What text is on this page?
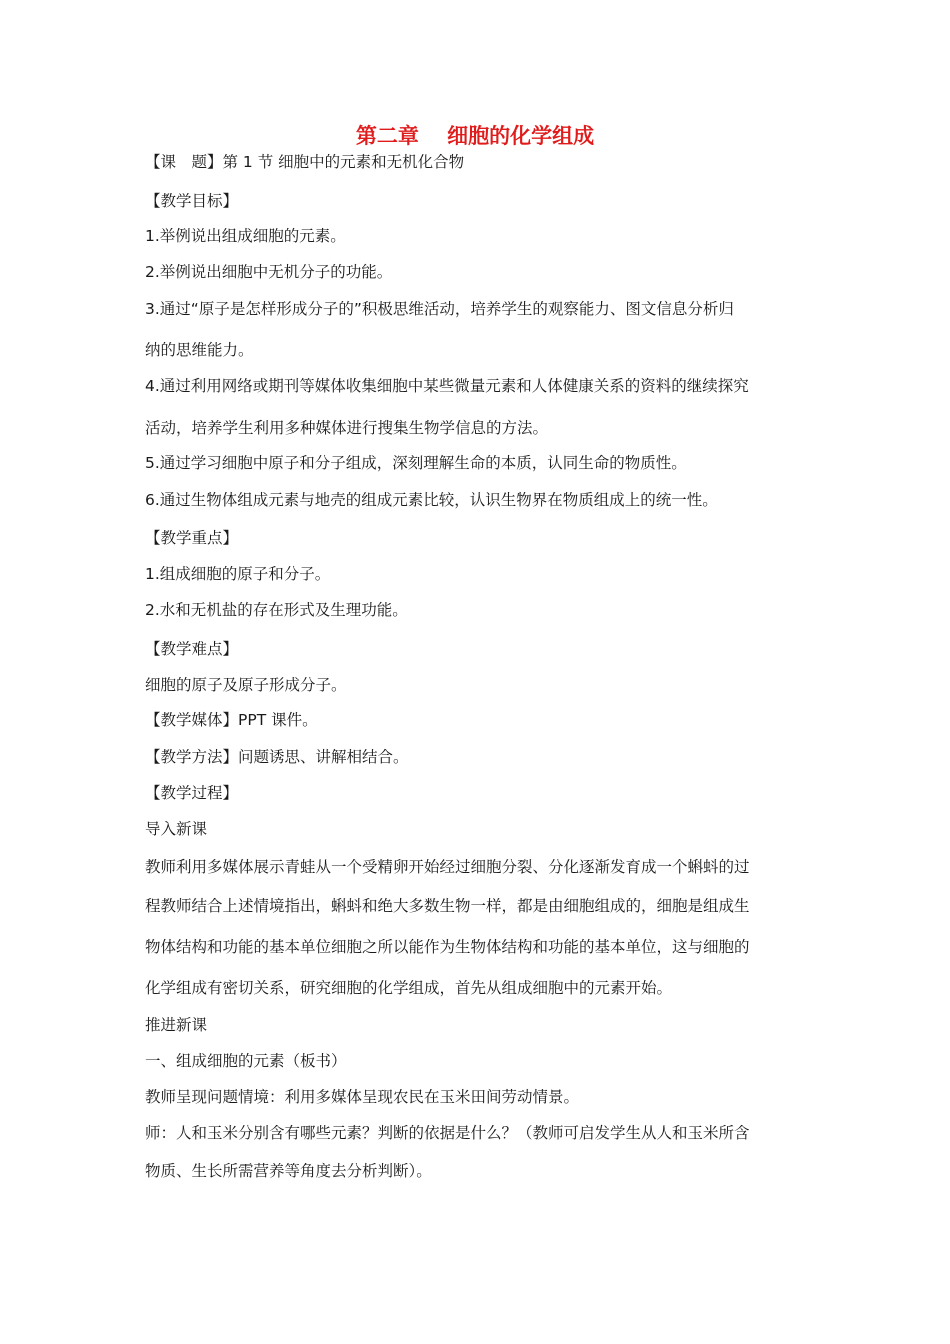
第二章　 细胞的化学组成
【课　题】第 1 节 细胞中的元素和无机化合物
【教学目标】
1.举例说出组成细胞的元素。
2.举例说出细胞中无机分子的功能。
3.通过“原子是怎样形成分子的”积极思维活动，培养学生的观察能力、图文信息分析归
纳的思维能力。
4.通过利用网络或期刊等媒体收集细胞中某些微量元素和人体健康关系的资料的继续探究
活动，培养学生利用多种媒体进行搜集生物学信息的方法。
5.通过学习细胞中原子和分子组成，深刻理解生命的本质，认同生命的物质性。
6.通过生物体组成元素与地壳的组成元素比较，认识生物界在物质组成上的统一性。
【教学重点】
1.组成细胞的原子和分子。
2.水和无机盐的存在形式及生理功能。
【教学难点】
细胞的原子及原子形成分子。
【教学媒体】PPT 课件。
【教学方法】问题诱思、讲解相结合。
【教学过程】
导入新课
教师利用多媒体展示青蛙从一个受精卵开始经过细胞分裂、分化逐渐发育成一个蝌蚪的过
程教师结合上述情境指出，蝌蚪和绝大多数生物一样，都是由细胞组成的，细胞是组成生
物体结构和功能的基本单位细胞之所以能作为生物体结构和功能的基本单位，这与细胞的
化学组成有密切关系，研究细胞的化学组成，首先从组成细胞中的元素开始。
推进新课
一、组成细胞的元素（板书）
教师呈现问题情境：利用多媒体呈现农民在玉米田间劳动情景。
师：人和玉米分别含有哪些元素？判断的依据是什么？（教师可启发学生从人和玉米所含
物质、生长所需营养等角度去分析判断）。
